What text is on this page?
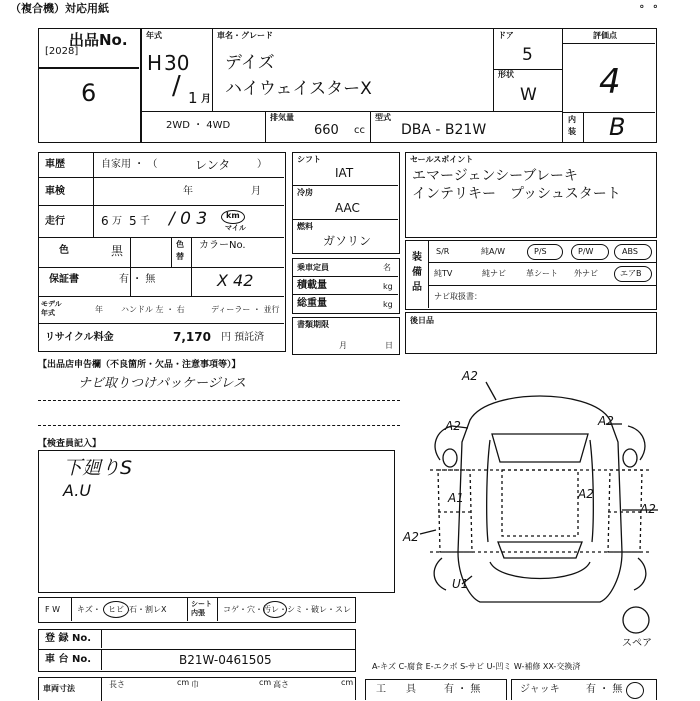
（複合機）対応用紙	。 。
出品No.
[2028]
6
年式
H 30
/ 1 月
車名・グレード
デイズ
ハイウェイスターX
ドア
5
形状
W
評価点
4
内
装 B
2WD ・ 4WD
排気量
660 cc
型式
DBA - B21W
車歴	自家用 ・ （	レンタ	）
車検	年	月
走行	6 万 5 千 / 0 3 km
マイル
色	黒	色
替
カラーNo.
保証書	有 ・ 無	X 42
モデル
年式	年 ハンドル 左 ・ 右	ディーラー ・ 並行
リサイクル料金	7,170 円 預託済
シフト
IAT
冷房
AAC
燃料
ガソリン
乗車定員	名
積載量	kg
総重量	kg
書類期限
月	日
セールスポイント
エマージェンシーブレーキ
インテリキー　プッシュスタート
装
備
品
S/R	純A/W	P/S	P/W	ABS
純TV	純ナビ	革シート 外ナビ	エアB
ナビ取扱書：
後日品
【出品店申告欄（不良箇所・欠品・注意事項等）】
ナビ取りつけパッケージレス
【検査員記入】
下廻りS
A.U
A2
A2	A2
A1	A2
A2
A2
U1
スペア
F W キズ・ ヒビ 石・割レX
シート
内張 コゲ・穴・汚レ・シミ・破レ・スレ
登 録 No.
車 台 No.	B21W-0461505	A-キズ C-腐食 E-エクボ S-サビ U-凹ミ W-補修 XX-交換済
車両寸法	長さ	cm 巾	cm 高さ	cm
工　　具	有 ・ 無	ジャッキ	有 ・ 無
